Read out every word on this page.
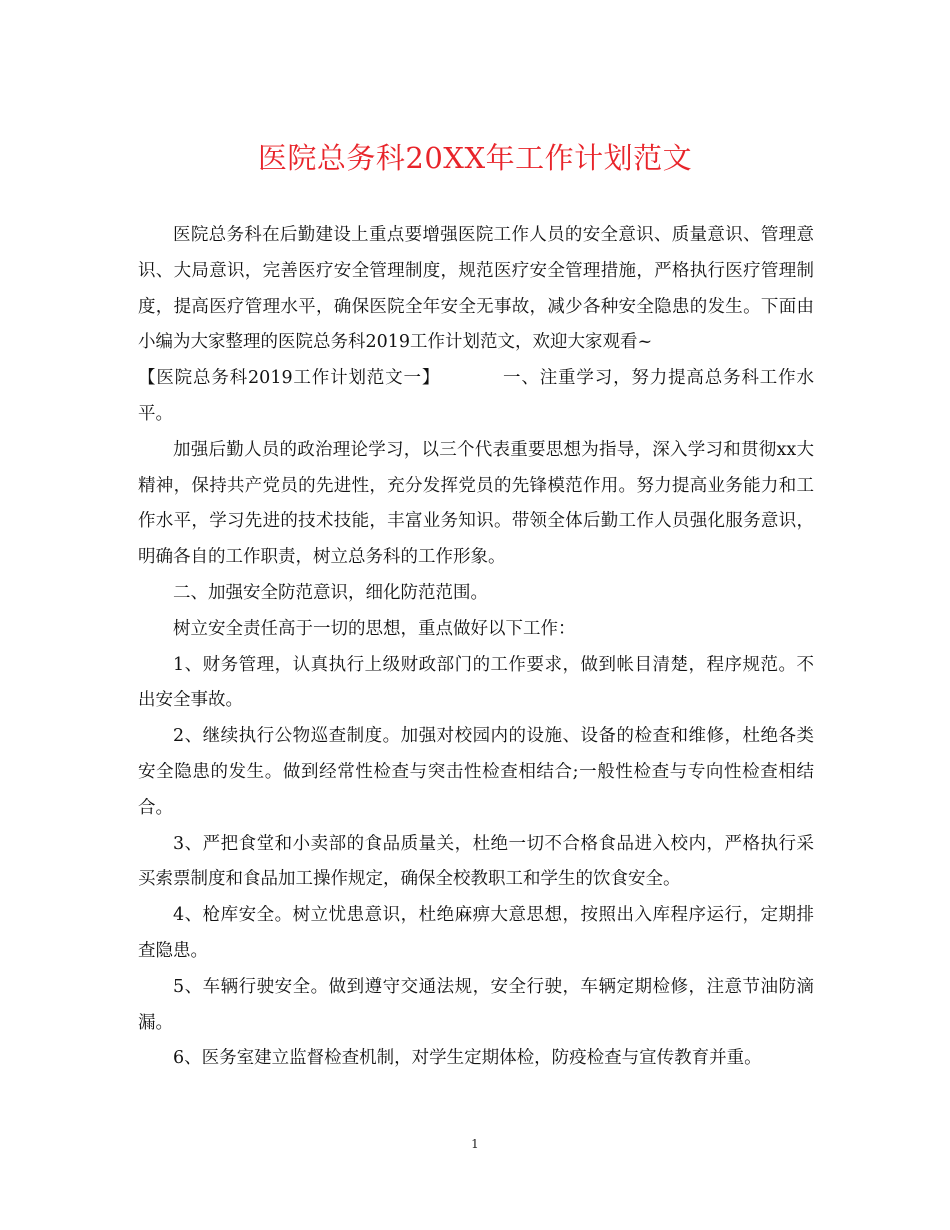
医院总务科20XX年工作计划范文

医院总务科在后勤建设上重点要增强医院工作人员的安全意识、质量意识、管理意识、大局意识，完善医疗安全管理制度，规范医疗安全管理措施，严格执行医疗管理制度，提高医疗管理水平，确保医院全年安全无事故，减少各种安全隐患的发生。下面由小编为大家整理的医院总务科2019工作计划范文，欢迎大家观看~

【医院总务科2019工作计划范文一】	一、注重学习，努力提高总务科工作水平。

加强后勤人员的政治理论学习，以三个代表重要思想为指导，深入学习和贯彻xx大精神，保持共产党员的先进性，充分发挥党员的先锋模范作用。努力提高业务能力和工作水平，学习先进的技术技能，丰富业务知识。带领全体后勤工作人员强化服务意识，明确各自的工作职责，树立总务科的工作形象。

二、加强安全防范意识，细化防范范围。

树立安全责任高于一切的思想，重点做好以下工作：

1、财务管理，认真执行上级财政部门的工作要求，做到帐目清楚，程序规范。不出安全事故。

2、继续执行公物巡查制度。加强对校园内的设施、设备的检查和维修，杜绝各类安全隐患的发生。做到经常性检查与突击性检查相结合;一般性检查与专向性检查相结合。

3、严把食堂和小卖部的食品质量关，杜绝一切不合格食品进入校内，严格执行采买索票制度和食品加工操作规定，确保全校教职工和学生的饮食安全。

4、枪库安全。树立忧患意识，杜绝麻痹大意思想，按照出入库程序运行，定期排查隐患。

5、车辆行驶安全。做到遵守交通法规，安全行驶，车辆定期检修，注意节油防滴漏。

6、医务室建立监督检查机制，对学生定期体检，防疫检查与宣传教育并重。

1
